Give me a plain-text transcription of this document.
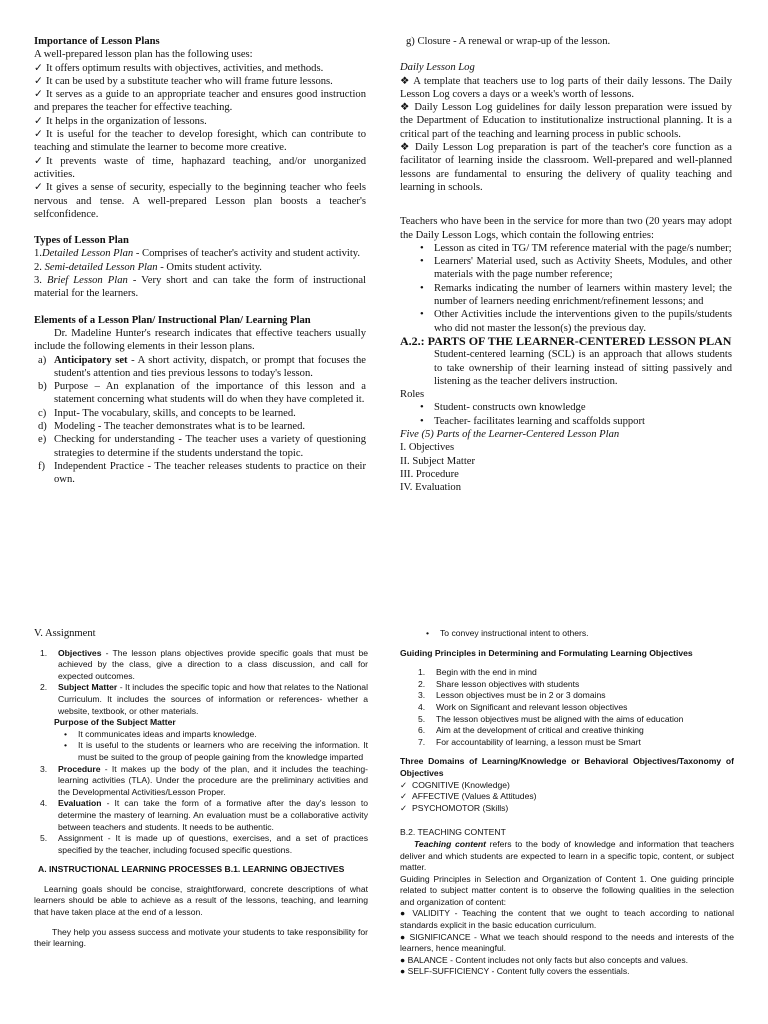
Importance of Lesson Plans

A well-prepared lesson plan has the following uses:

✓ It offers optimum results with objectives, activities, and methods.

✓ It can be used by a substitute teacher who will frame future lessons.

✓ It serves as a guide to an appropriate teacher and ensures good instruction and prepares the teacher for effective teaching.

✓ It helps in the organization of lessons.

✓ It is useful for the teacher to develop foresight, which can contribute to teaching and stimulate the learner to become more creative.

✓ It prevents waste of time, haphazard teaching, and/or unorganized activities.

✓ It gives a sense of security, especially to the beginning teacher who feels nervous and tense. A well-prepared Lesson plan boosts a teacher's selfconfidence.

Types of Lesson Plan

1.Detailed Lesson Plan - Comprises of teacher's activity and student activity.

2. Semi-detailed Lesson Plan - Omits student activity.

3. Brief Lesson Plan - Very short and can take the form of instructional material for the learners.

Elements of a Lesson Plan/ Instructional Plan/ Learning Plan

Dr. Madeline Hunter's research indicates that effective teachers usually include the following elements in their lesson plans.

a) Anticipatory set - A short activity, dispatch, or prompt that focuses the student's attention and ties previous lessons to today's lesson.
b) Purpose – An explanation of the importance of this lesson and a statement concerning what students will do when they have completed it.
c) Input- The vocabulary, skills, and concepts to be learned.
d) Modeling - The teacher demonstrates what is to be learned.
e) Checking for understanding - The teacher uses a variety of questioning strategies to determine if the students understand the topic.
f) Independent Practice - The teacher releases students to practice on their own.

g) Closure - A renewal or wrap-up of the lesson.

Daily Lesson Log

❖ A template that teachers use to log parts of their daily lessons. The Daily Lesson Log covers a days or a week's worth of lessons.

❖ Daily Lesson Log guidelines for daily lesson preparation were issued by the Department of Education to institutionalize instructional planning. It is a critical part of the teaching and learning process in public schools.

❖ Daily Lesson Log preparation is part of the teacher's core function as a facilitator of learning inside the classroom. Well-prepared and well-planned lessons are fundamental to ensuring the delivery of quality teaching and learning in schools.

Teachers who have been in the service for more than two (20 years may adopt the Daily Lesson Logs, which contain the following entries:

• Lesson as cited in TG/ TM reference material with the page/s number;
• Learners' Material used, such as Activity Sheets, Modules, and other materials with the page number reference;
• Remarks indicating the number of learners within mastery level; the number of learners needing enrichment/refinement lessons; and
• Other Activities include the interventions given to the pupils/students who did not master the lesson(s) the previous day.

A.2.: PARTS OF THE LEARNER-CENTERED LESSON PLAN

Student-centered learning (SCL) is an approach that allows students to take ownership of their learning instead of sitting passively and listening as the teacher delivers instruction.

Roles

• Student- constructs own knowledge
• Teacher- facilitates learning and scaffolds support

Five (5) Parts of the Learner-Centered Lesson Plan

I. Objectives

II. Subject Matter

III. Procedure

IV. Evaluation

V. Assignment

1. Objectives - The lesson plans objectives provide specific goals that must be achieved by the class, give a direction to a class discussion, and call for expected outcomes.
2. Subject Matter - It includes the specific topic and how that relates to the National Curriculum. It includes the sources of information or references- whether a website, textbook, or other materials.

Purpose of the Subject Matter

• It communicates ideas and imparts knowledge.
• It is useful to the students or learners who are receiving the information. It must be suited to the group of people gaining from the knowledge imparted
3. Procedure - It makes up the body of the plan, and it includes the teaching-learning activities (TLA). Under the procedure are the preliminary activities and the Developmental Activities/Lesson Proper.
4. Evaluation - It can take the form of a formative after the day's lesson to determine the mastery of learning. An evaluation must be a collaborative activity between teachers and students. It needs to be authentic.
5. Assignment - It is made up of questions, exercises, and a set of practices specified by the teacher, including focused specific questions.

A. INSTRUCTIONAL LEARNING PROCESSES B.1. LEARNING OBJECTIVES

Learning goals should be concise, straightforward, concrete descriptions of what learners should be able to achieve as a result of the lessons, teaching, and learning that have taken place at the end of a lesson.

They help you assess success and motivate your students to take responsibility for their learning.

• To convey instructional intent to others.

Guiding Principles in Determining and Formulating Learning Objectives

1. Begin with the end in mind
2. Share lesson objectives with students
3. Lesson objectives must be in 2 or 3 domains
4. Work on Significant and relevant lesson objectives
5. The lesson objectives must be aligned with the aims of education
6. Aim at the development of critical and creative thinking
7. For accountability of learning, a lesson must be Smart

Three Domains of Learning/Knowledge or Behavioral Objectives/Taxonomy of Objectives

✓ COGNITIVE (Knowledge)

✓ AFFECTIVE (Values & Attitudes)

✓ PSYCHOMOTOR (Skills)

B.2. TEACHING CONTENT

Teaching content refers to the body of knowledge and information that teachers deliver and which students are expected to learn in a specific topic, content, or subject matter.

Guiding Principles in Selection and Organization of Content 1. One guiding principle related to subject matter content is to observe the following qualities in the selection and organization of content:

● VALIDITY - Teaching the content that we ought to teach according to national standards explicit in the basic education curriculum.

● SIGNIFICANCE - What we teach should respond to the needs and interests of the learners, hence meaningful.

● BALANCE - Content includes not only facts but also concepts and values.

● SELF-SUFFICIENCY - Content fully covers the essentials.
